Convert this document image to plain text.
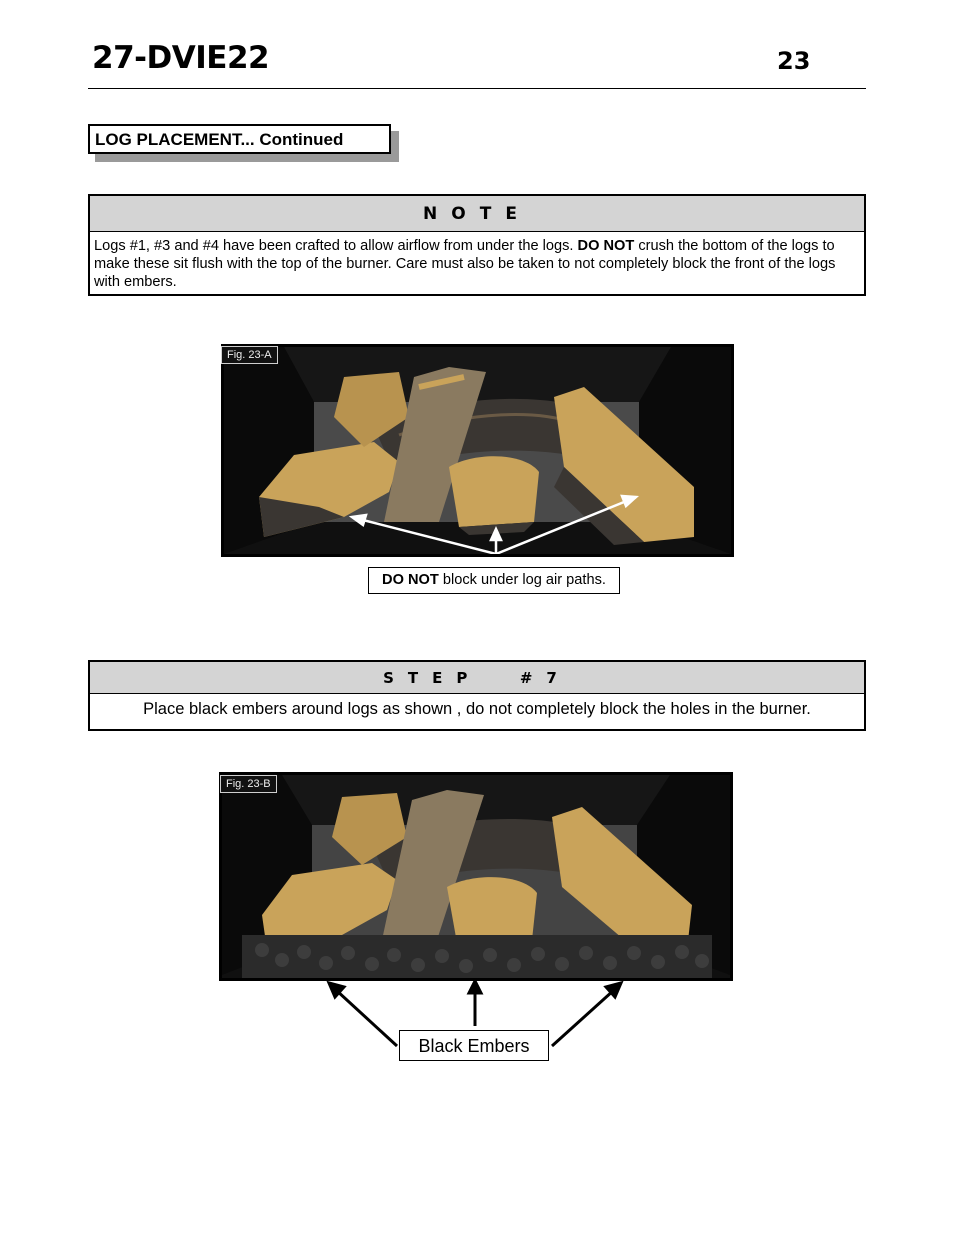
27-DVIE22	23
LOG PLACEMENT... Continued
NOTE
Logs #1, #3 and #4 have been crafted to allow airflow from under the logs. DO NOT crush the bottom of the logs to make these sit flush with the top of the burner. Care must also be taken to not completely block the front of the logs with embers.
Fig. 23-A
DO NOT block under log air paths.
STEP  #7
Place black embers around logs as shown , do not completely block the holes in the burner.
Fig. 23-B
Black Embers
